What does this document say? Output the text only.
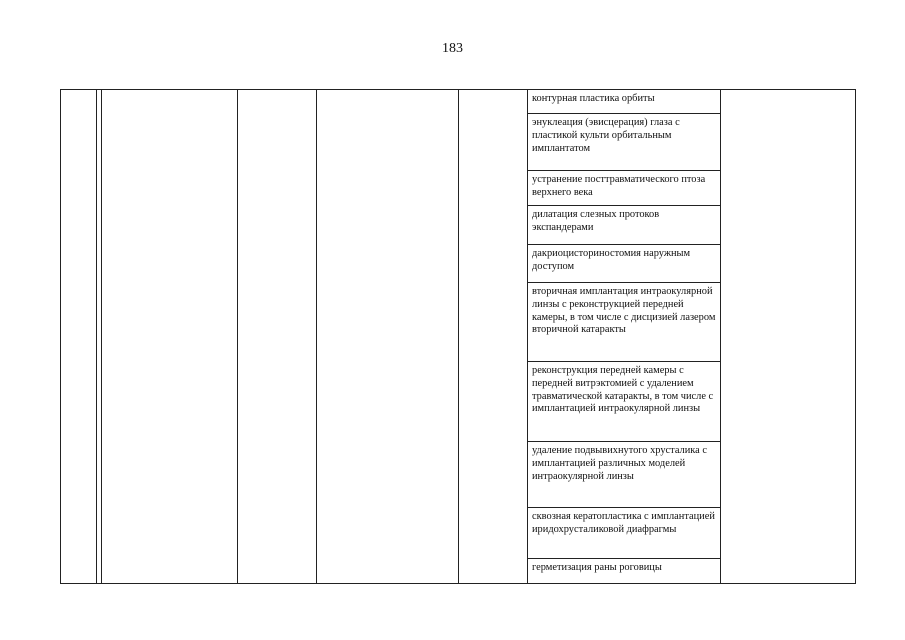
183
контурная пластика орбиты
энуклеация (эвисцерация) глаза с пластикой культи орбитальным имплантатом
устранение посттравматического птоза верхнего века
дилатация слезных протоков экспандерами
дакриоцисториностомия наружным доступом
вторичная имплантация интраокулярной линзы с реконструкцией передней камеры, в том числе с дисцизией лазером вторичной катаракты
реконструкция передней камеры с передней витрэктомией с удалением травматической катаракты, в том числе с имплантацией интраокулярной линзы
удаление подвывихнутого хрусталика с имплантацией различных моделей интраокулярной линзы
сквозная кератопластика с имплантацией иридохрусталиковой диафрагмы
герметизация раны роговицы
